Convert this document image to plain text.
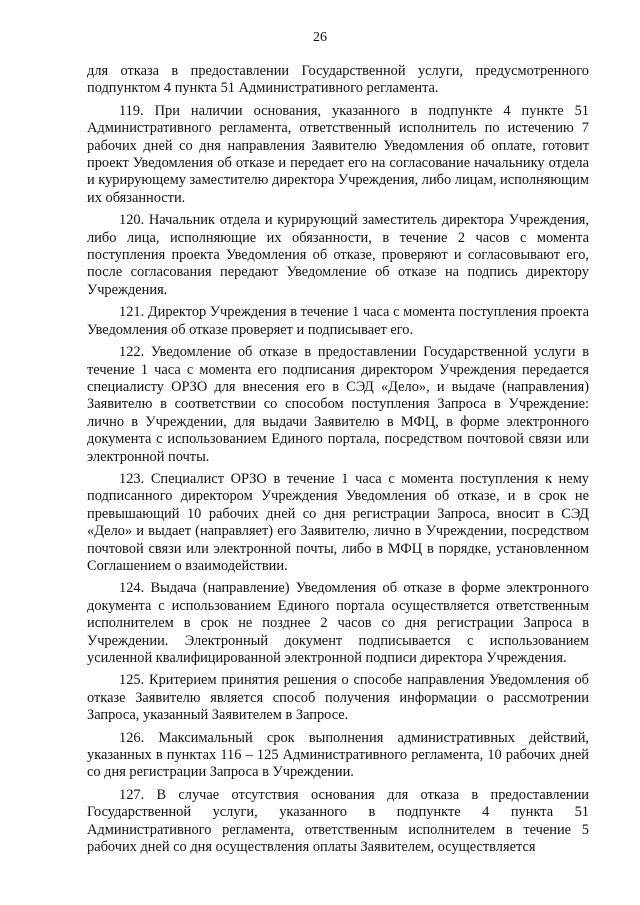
26

для отказа в предоставлении Государственной услуги, предусмотренного подпунктом 4 пункта 51 Административного регламента.

119. При наличии основания, указанного в подпункте 4 пункте 51 Административного регламента, ответственный исполнитель по истечению 7 рабочих дней со дня направления Заявителю Уведомления об оплате, готовит проект Уведомления об отказе и передает его на согласование начальнику отдела и курирующему заместителю директора Учреждения, либо лицам, исполняющим их обязанности.

120. Начальник отдела и курирующий заместитель директора Учреждения, либо лица, исполняющие их обязанности, в течение 2 часов с момента поступления проекта Уведомления об отказе, проверяют и согласовывают его, после согласования передают Уведомление об отказе на подпись директору Учреждения.

121. Директор Учреждения в течение 1 часа с момента поступления проекта Уведомления об отказе проверяет и подписывает его.

122. Уведомление об отказе в предоставлении Государственной услуги в течение 1 часа с момента его подписания директором Учреждения передается специалисту ОРЗО для внесения его в СЭД «Дело», и выдаче (направления) Заявителю в соответствии со способом поступления Запроса в Учреждение: лично в Учреждении, для выдачи Заявителю в МФЦ, в форме электронного документа с использованием Единого портала, посредством почтовой связи или электронной почты.

123. Специалист ОРЗО в течение 1 часа с момента поступления к нему подписанного директором Учреждения Уведомления об отказе, и в срок не превышающий 10 рабочих дней со дня регистрации Запроса, вносит в СЭД «Дело» и выдает (направляет) его Заявителю, лично в Учреждении, посредством почтовой связи или электронной почты, либо в МФЦ в порядке, установленном Соглашением о взаимодействии.

124. Выдача (направление) Уведомления об отказе в форме электронного документа с использованием Единого портала осуществляется ответственным исполнителем в срок не позднее 2 часов со дня регистрации Запроса в Учреждении. Электронный документ подписывается с использованием усиленной квалифицированной электронной подписи директора Учреждения.

125. Критерием принятия решения о способе направления Уведомления об отказе Заявителю является способ получения информации о рассмотрении Запроса, указанный Заявителем в Запросе.

126. Максимальный срок выполнения административных действий, указанных в пунктах 116 – 125 Административного регламента, 10 рабочих дней со дня регистрации Запроса в Учреждении.

127. В случае отсутствия основания для отказа в предоставлении Государственной услуги, указанного в подпункте 4 пункта 51 Административного регламента, ответственным исполнителем в течение 5 рабочих дней со дня осуществления оплаты Заявителем, осуществляется
